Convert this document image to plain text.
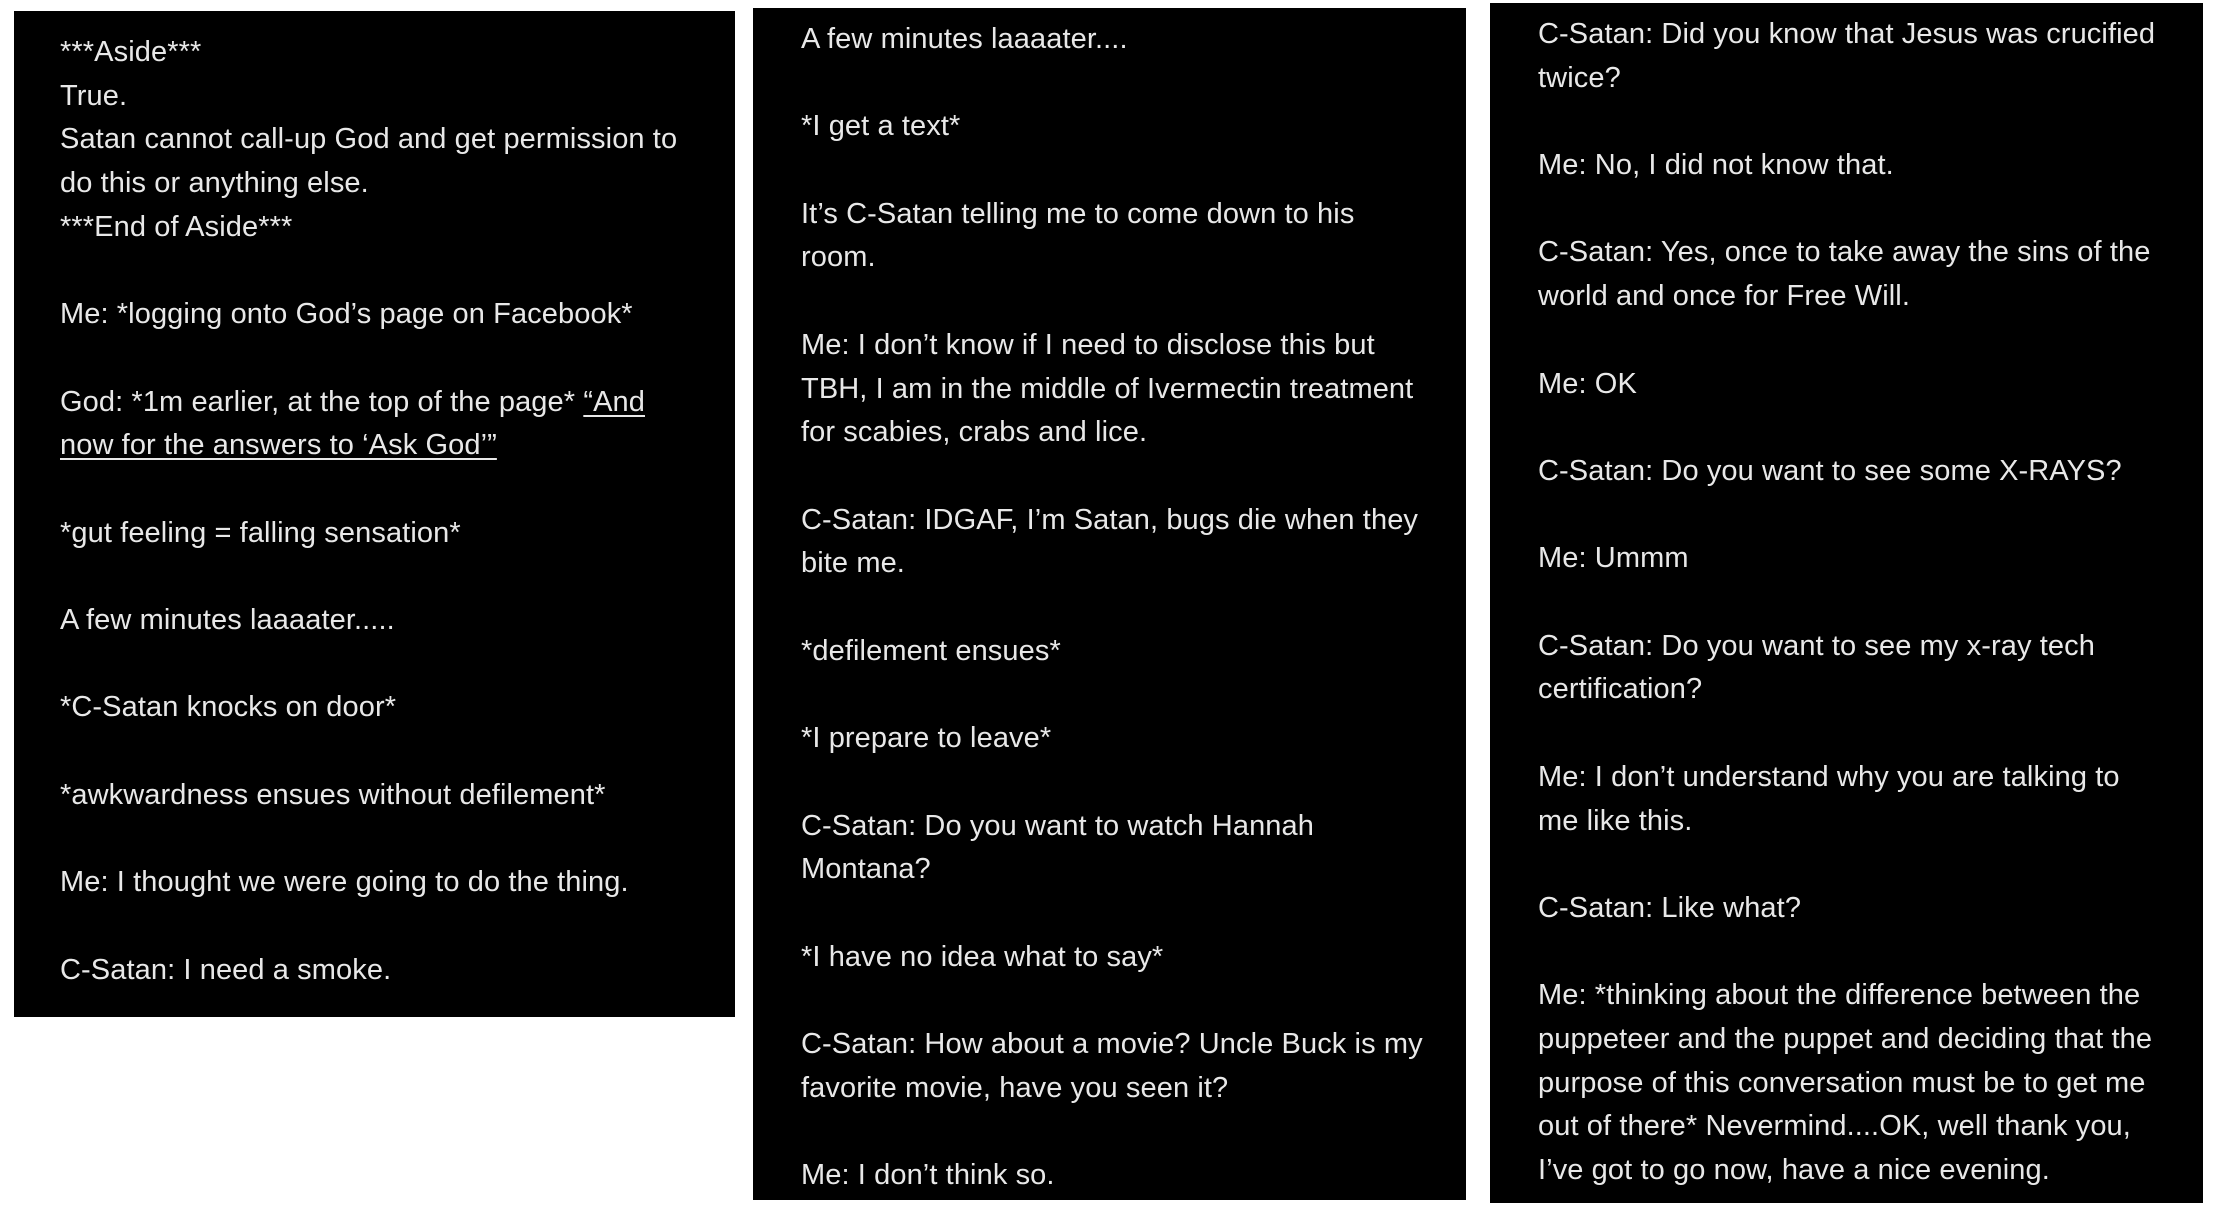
***Aside***

True.

Satan cannot call-up God and get permission to

do this or anything else.

***End of Aside***

Me: *logging onto God’s page on Facebook*

God: *1m earlier, at the top of the page* “And

now for the answers to ‘Ask God’”

*gut feeling = falling sensation*

A few minutes laaaater.....

*C-Satan knocks on door*

*awkwardness ensues without defilement*

Me: I thought we were going to do the thing.

C-Satan: I need a smoke.

A few minutes laaaater....

*I get a text*

It’s C-Satan telling me to come down to his

room.

Me: I don’t know if I need to disclose this but

TBH, I am in the middle of Ivermectin treatment

for scabies, crabs and lice.

C-Satan: IDGAF, I’m Satan, bugs die when they

bite me.

*defilement ensues*

*I prepare to leave*

C-Satan: Do you want to watch Hannah

Montana?

*I have no idea what to say*

C-Satan: How about a movie? Uncle Buck is my

favorite movie, have you seen it?

Me: I don’t think so.

C-Satan: Did you know that Jesus was crucified

twice?

Me: No, I did not know that.

C-Satan: Yes, once to take away the sins of the

world and once for Free Will.

Me: OK

C-Satan: Do you want to see some X-RAYS?

Me: Ummm

C-Satan: Do you want to see my x-ray tech

certification?

Me: I don’t understand why you are talking to

me like this.

C-Satan: Like what?

Me: *thinking about the difference between the

puppeteer and the puppet and deciding that the

purpose of this conversation must be to get me

out of there* Nevermind....OK, well thank you,

I’ve got to go now, have a nice evening.
